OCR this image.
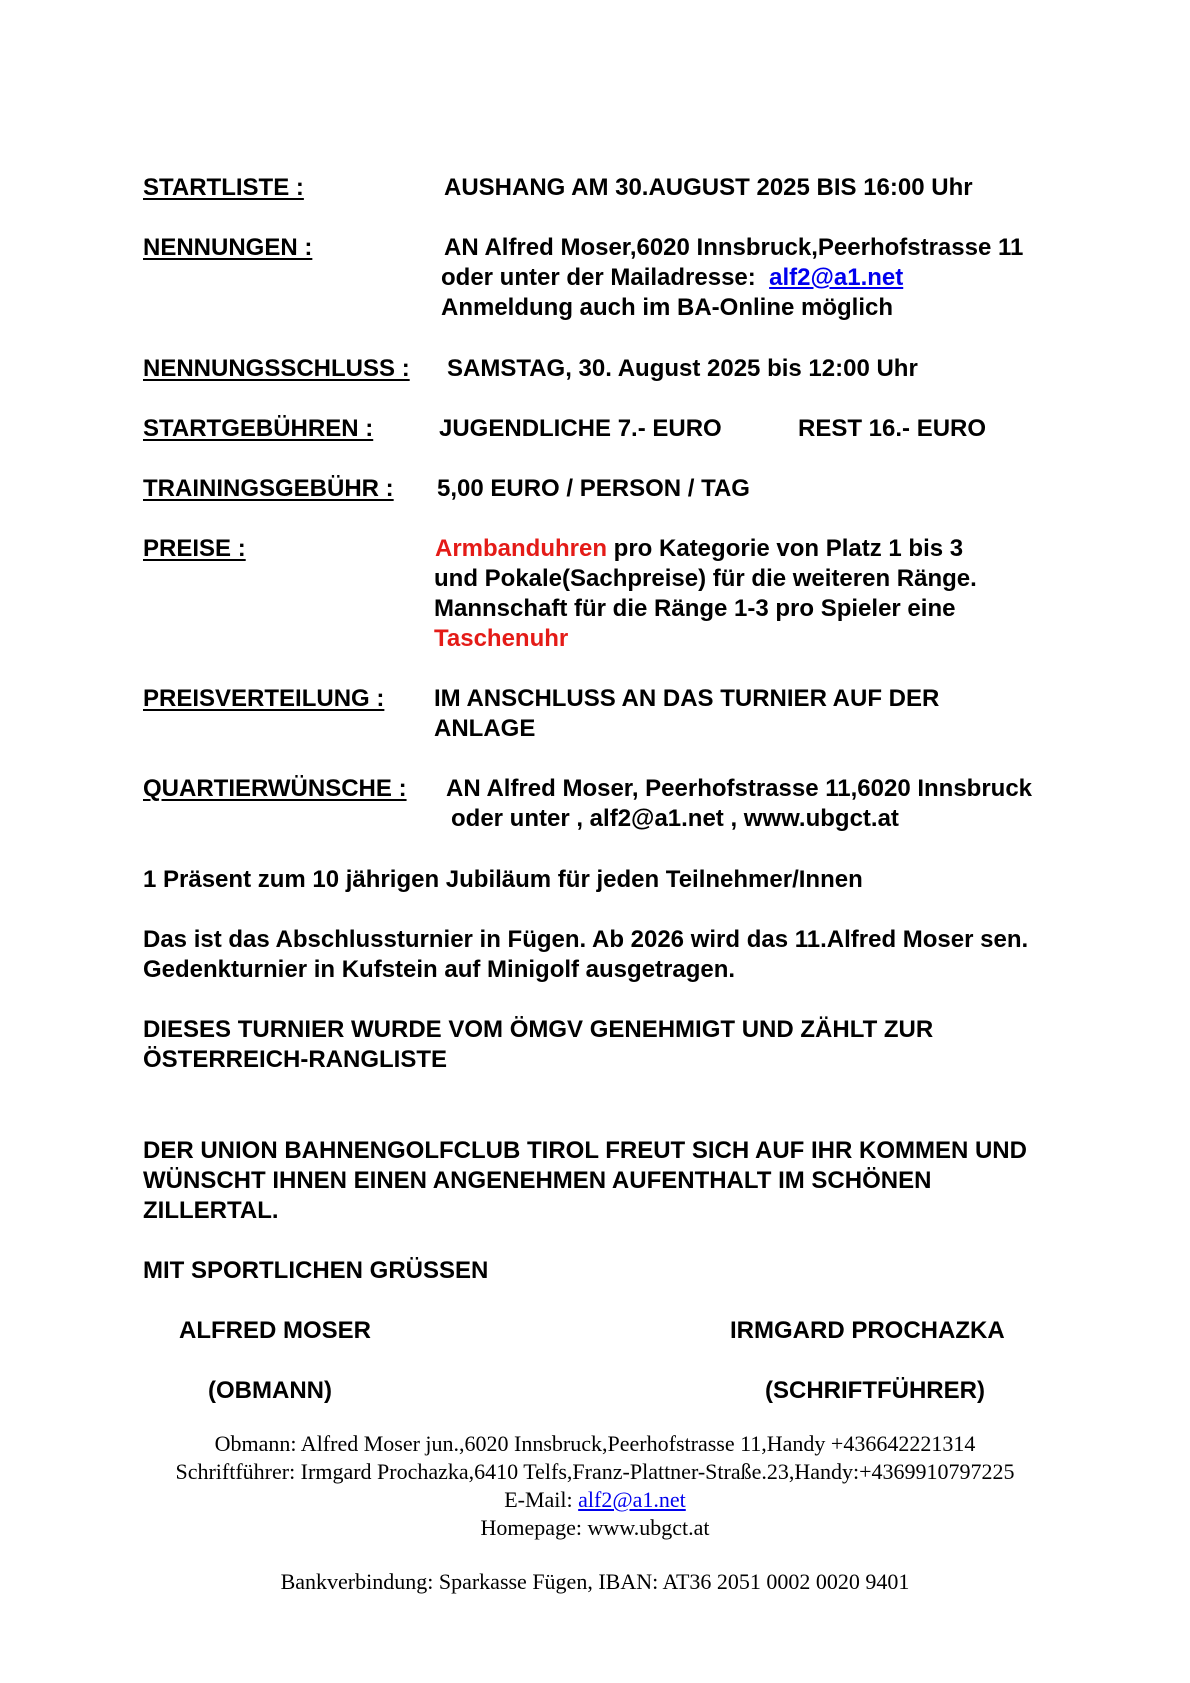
STARTLISTE :	AUSHANG AM 30.AUGUST 2025 BIS 16:00 Uhr
NENNUNGEN :	AN Alfred Moser,6020 Innsbruck,Peerhofstrasse 11
oder unter der Mailadresse: alf2@a1.net
Anmeldung auch im BA-Online möglich
NENNUNGSSCHLUSS : SAMSTAG, 30. August 2025 bis 12:00 Uhr
STARTGEBÜHREN :	JUGENDLICHE 7.- EURO	REST 16.- EURO
TRAININGSGEBÜHR : 5,00 EURO / PERSON / TAG
PREISE :	Armbanduhren pro Kategorie von Platz 1 bis 3
und Pokale(Sachpreise) für die weiteren Ränge.
Mannschaft für die Ränge 1-3 pro Spieler eine
Taschenuhr
PREISVERTEILUNG : IM ANSCHLUSS AN DAS TURNIER AUF DER
ANLAGE
QUARTIERWÜNSCHE : AN Alfred Moser, Peerhofstrasse 11,6020 Innsbruck
oder unter , alf2@a1.net , www.ubgct.at
1 Präsent zum 10 jährigen Jubiläum für jeden Teilnehmer/Innen
Das ist das Abschlussturnier in Fügen. Ab 2026 wird das 11.Alfred Moser sen.
Gedenkturnier in Kufstein auf Minigolf ausgetragen.
DIESES TURNIER WURDE VOM ÖMGV GENEHMIGT UND ZÄHLT ZUR
ÖSTERREICH-RANGLISTE
DER UNION BAHNENGOLFCLUB TIROL FREUT SICH AUF IHR KOMMEN UND
WÜNSCHT IHNEN EINEN ANGENEHMEN AUFENTHALT IM SCHÖNEN
ZILLERTAL.
MIT SPORTLICHEN GRÜSSEN
ALFRED MOSER	IRMGARD PROCHAZKA
(OBMANN)	(SCHRIFTFÜHRER)
Obmann: Alfred Moser jun.,6020 Innsbruck,Peerhofstrasse 11,Handy +436642221314
Schriftführer: Irmgard Prochazka,6410 Telfs,Franz-Plattner-Straße.23,Handy:+4369910797225
E-Mail: alf2@a1.net
Homepage: www.ubgct.at
Bankverbindung: Sparkasse Fügen, IBAN: AT36 2051 0002 0020 9401
